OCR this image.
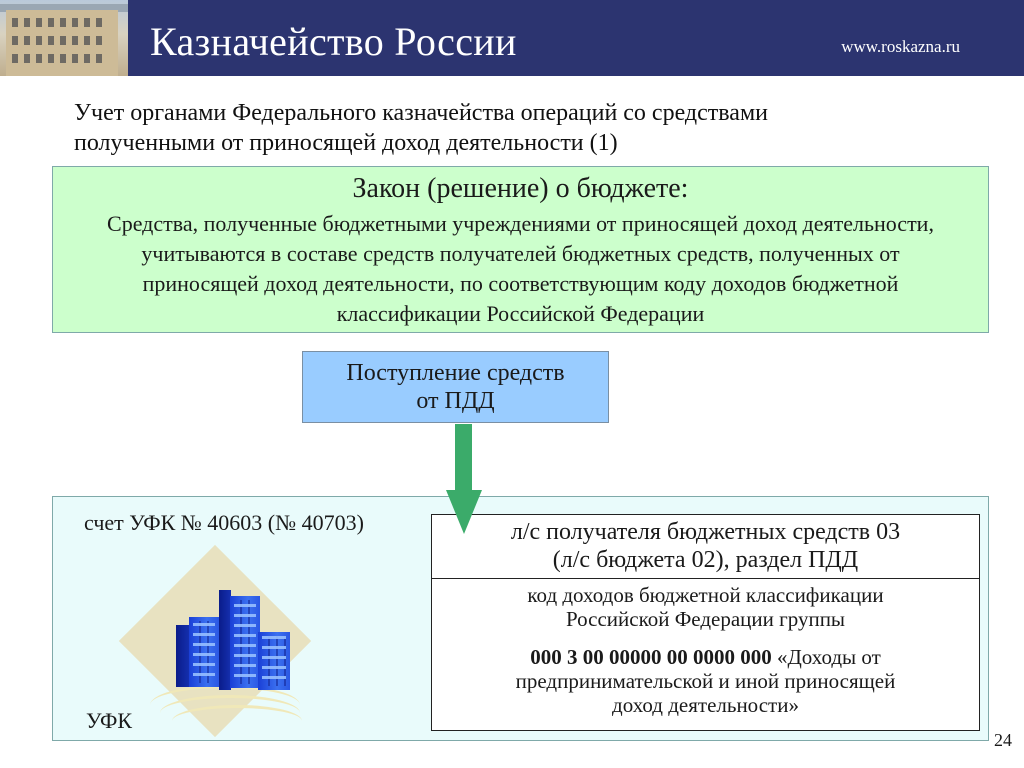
Казначейство России	www.roskazna.ru
Учет органами Федерального казначейства операций со средствами
полученными от приносящей доход деятельности (1)
Закон (решение) о бюджете:
Средства, полученные бюджетными учреждениями от приносящей доход деятельности, учитываются в составе средств получателей бюджетных средств, полученных от приносящей доход деятельности, по соответствующим коду доходов бюджетной классификации Российской Федерации
Поступление средств
от ПДД
счет УФК № 40603 (№ 40703)
УФК
л/с получателя бюджетных средств 03
(л/с бюджета 02), раздел ПДД
код доходов бюджетной классификации
Российской Федерации группы
000 3 00 00000 00 0000 000 «Доходы от
предпринимательской и иной приносящей
доход деятельности»
24
